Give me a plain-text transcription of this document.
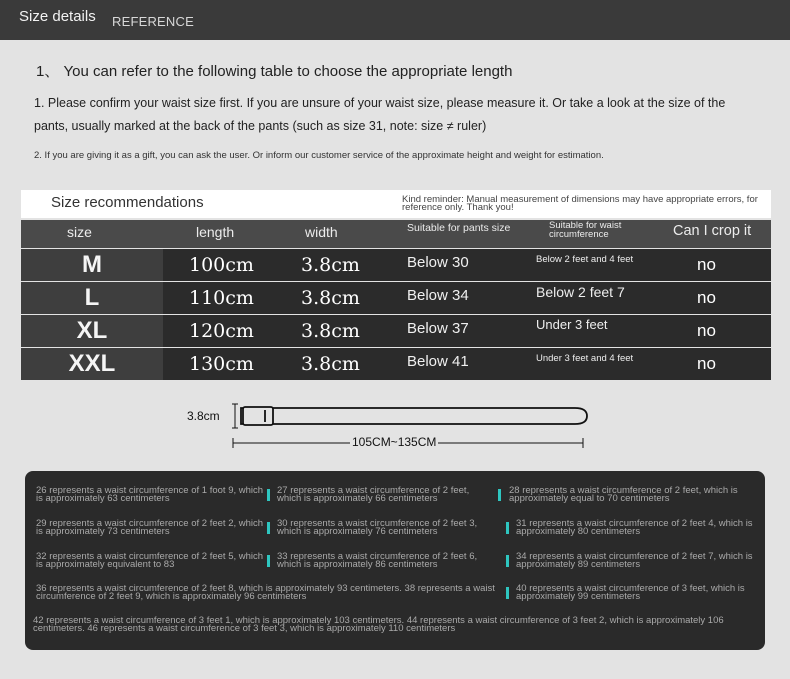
Size details REFERENCE
1、 You can refer to the following table to choose the appropriate length
1. Please confirm your waist size first. If you are unsure of your waist size, please measure it. Or take a look at the size of the pants, usually marked at the back of the pants (such as size 31, note: size ≠ ruler)
2. If you are giving it as a gift, you can ask the user. Or inform our customer service of the approximate height and weight for estimation.
Size recommendations	Kind reminder: Manual measurement of dimensions may have appropriate errors, for reference only. Thank you!
size	length	width	Suitable for pants size	Suitable for waist circumference	Can I crop it
M	100cm 3.8cm	Below 30	Below 2 feet and 4 feet	no
L	110cm 3.8cm	Below 34	Below 2 feet 7	no
XL	120cm 3.8cm	Below 37	Under 3 feet	no
XXL	130cm 3.8cm	Below 41	Under 3 feet and 4 feet	no
3.8cm
105CM~135CM
26 represents a waist circumference of 1 foot 9, which is approximately 63 centimeters
27 represents a waist circumference of 2 feet, which is approximately 66 centimeters
28 represents a waist circumference of 2 feet, which is approximately equal to 70 centimeters
29 represents a waist circumference of 2 feet 2, which is approximately 73 centimeters
30 represents a waist circumference of 2 feet 3, which is approximately 76 centimeters
31 represents a waist circumference of 2 feet 4, which is approximately 80 centimeters
32 represents a waist circumference of 2 feet 5, which is approximately equivalent to 83
33 represents a waist circumference of 2 feet 6, which is approximately 86 centimeters
34 represents a waist circumference of 2 feet 7, which is approximately 89 centimeters
36 represents a waist circumference of 2 feet 8, which is approximately 93 centimeters. 38 represents a waist circumference of 2 feet 9, which is approximately 96 centimeters
40 represents a waist circumference of 3 feet, which is approximately 99 centimeters
42 represents a waist circumference of 3 feet 1, which is approximately 103 centimeters. 44 represents a waist circumference of 3 feet 2, which is approximately 106 centimeters. 46 represents a waist circumference of 3 feet 3, which is approximately 110 centimeters
